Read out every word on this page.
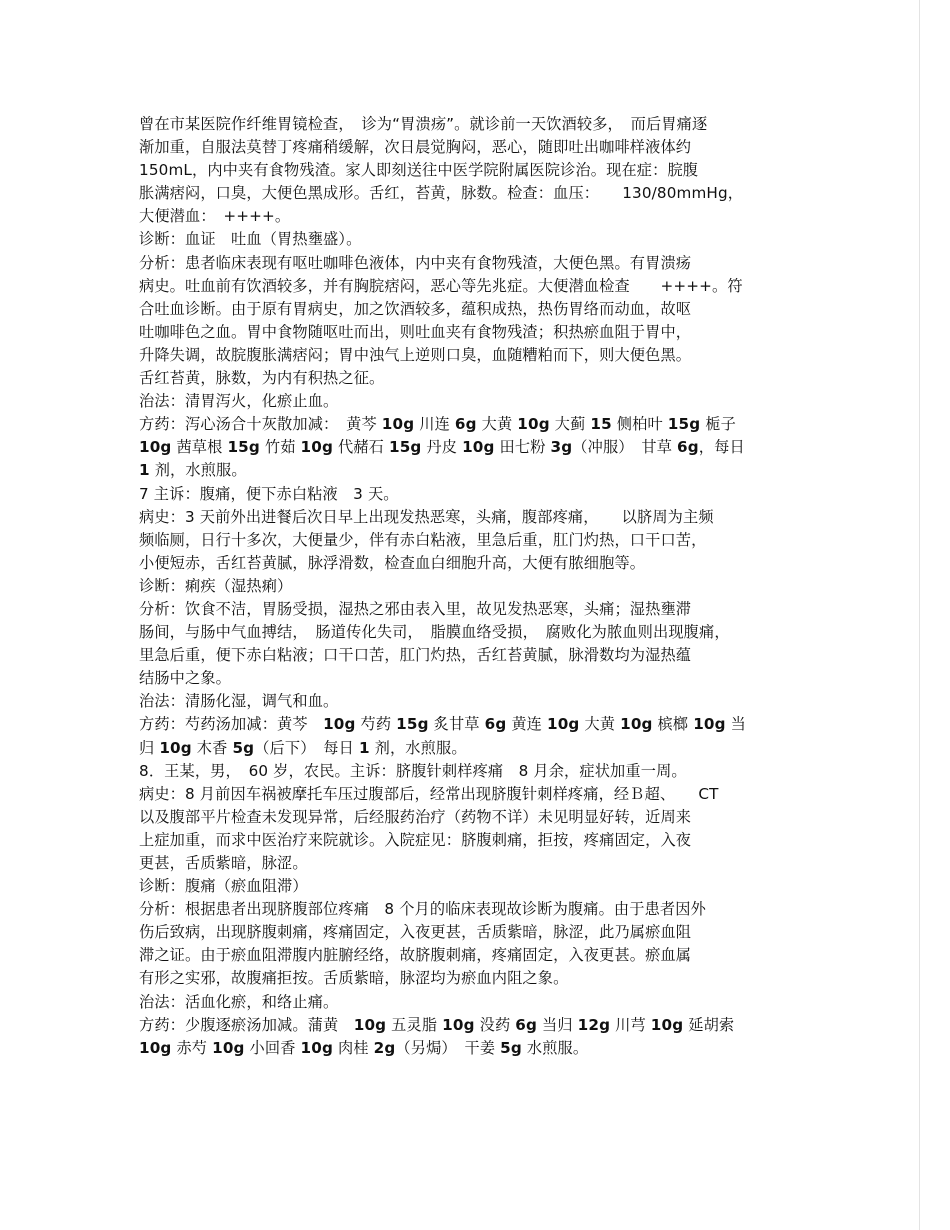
曾在市某医院作纤维胃镜检查，　诊为“胃溃疡”。就诊前一天饮酒较多，　而后胃痛逐
渐加重，自服法莫替丁疼痛稍缓解，次日晨觉胸闷，恶心，随即吐出咖啡样液体约
150mL，内中夹有食物残渣。家人即刻送往中医学院附属医院诊治。现在症：脘腹
胀满痞闷，口臭，大便色黑成形。舌红，苔黄，脉数。检查：血压：　　130/80mmHg，
大便潜血：　++++。
诊断：血证　吐血（胃热壅盛）。
分析：患者临床表现有呕吐咖啡色液体，内中夹有食物残渣，大便色黑。有胃溃疡
病史。吐血前有饮酒较多，并有胸脘痞闷，恶心等先兆症。大便潜血检查　　++++。符
合吐血诊断。由于原有胃病史，加之饮酒较多，蕴积成热，热伤胃络而动血，故呕
吐咖啡色之血。胃中食物随呕吐而出，则吐血夹有食物残渣；积热瘀血阻于胃中，
升降失调，故脘腹胀满痞闷；胃中浊气上逆则口臭，血随糟粕而下，则大便色黑。
舌红苔黄，脉数，为内有积热之征。
治法：清胃泻火，化瘀止血。
方药：泻心汤合十灰散加减：　黄芩 10g 川连 6g 大黄 10g 大蓟 15 侧柏叶 15g 栀子
10g 茜草根 15g 竹茹 10g 代赭石 15g 丹皮 10g 田七粉 3g（冲服）　甘草 6g，每日
1 剂，水煎服。
7 主诉：腹痛，便下赤白粘液　3 天。
病史：3 天前外出进餐后次日早上出现发热恶寒，头痛，腹部疼痛，　　以脐周为主频
频临厕，日行十多次，大便量少，伴有赤白粘液，里急后重，肛门灼热，口干口苦，
小便短赤，舌红苔黄腻，脉浮滑数，检查血白细胞升高，大便有脓细胞等。
诊断：痢疾（湿热痢）
分析：饮食不洁，胃肠受损，湿热之邪由表入里，故见发热恶寒，头痛；湿热壅滞
肠间，与肠中气血搏结，　肠道传化失司，　脂膜血络受损，　腐败化为脓血则出现腹痛，
里急后重，便下赤白粘液；口干口苦，肛门灼热，舌红苔黄腻，脉滑数均为湿热蕴
结肠中之象。
治法：清肠化湿，调气和血。
方药：芍药汤加减：黄芩　10g 芍药 15g 炙甘草 6g 黄连 10g 大黄 10g 槟榔 10g 当
归 10g 木香 5g（后下）　每日 1 剂，水煎服。
8．王某，男，　60 岁，农民。主诉：脐腹针刺样疼痛　8 月余，症状加重一周。
病史：8 月前因车祸被摩托车压过腹部后，经常出现脐腹针刺样疼痛，经Ｂ超、　　CT
以及腹部平片检查未发现异常，后经服药治疗（药物不详）未见明显好转，近周来
上症加重，而求中医治疗来院就诊。入院症见：脐腹刺痛，拒按，疼痛固定，入夜
更甚，舌质紫暗，脉涩。
诊断：腹痛（瘀血阻滞）
分析：根据患者出现脐腹部位疼痛　8 个月的临床表现故诊断为腹痛。由于患者因外
伤后致病，出现脐腹刺痛，疼痛固定，入夜更甚，舌质紫暗，脉涩，此乃属瘀血阻
滞之证。由于瘀血阻滞腹内脏腑经络，故脐腹刺痛，疼痛固定，入夜更甚。瘀血属
有形之实邪，故腹痛拒按。舌质紫暗，脉涩均为瘀血内阻之象。
治法：活血化瘀，和络止痛。
方药：少腹逐瘀汤加减。蒲黄　10g 五灵脂 10g 没药 6g 当归 12g 川芎 10g 延胡索
10g 赤芍 10g 小回香 10g 肉桂 2g（另焗）　干姜 5g 水煎服。
